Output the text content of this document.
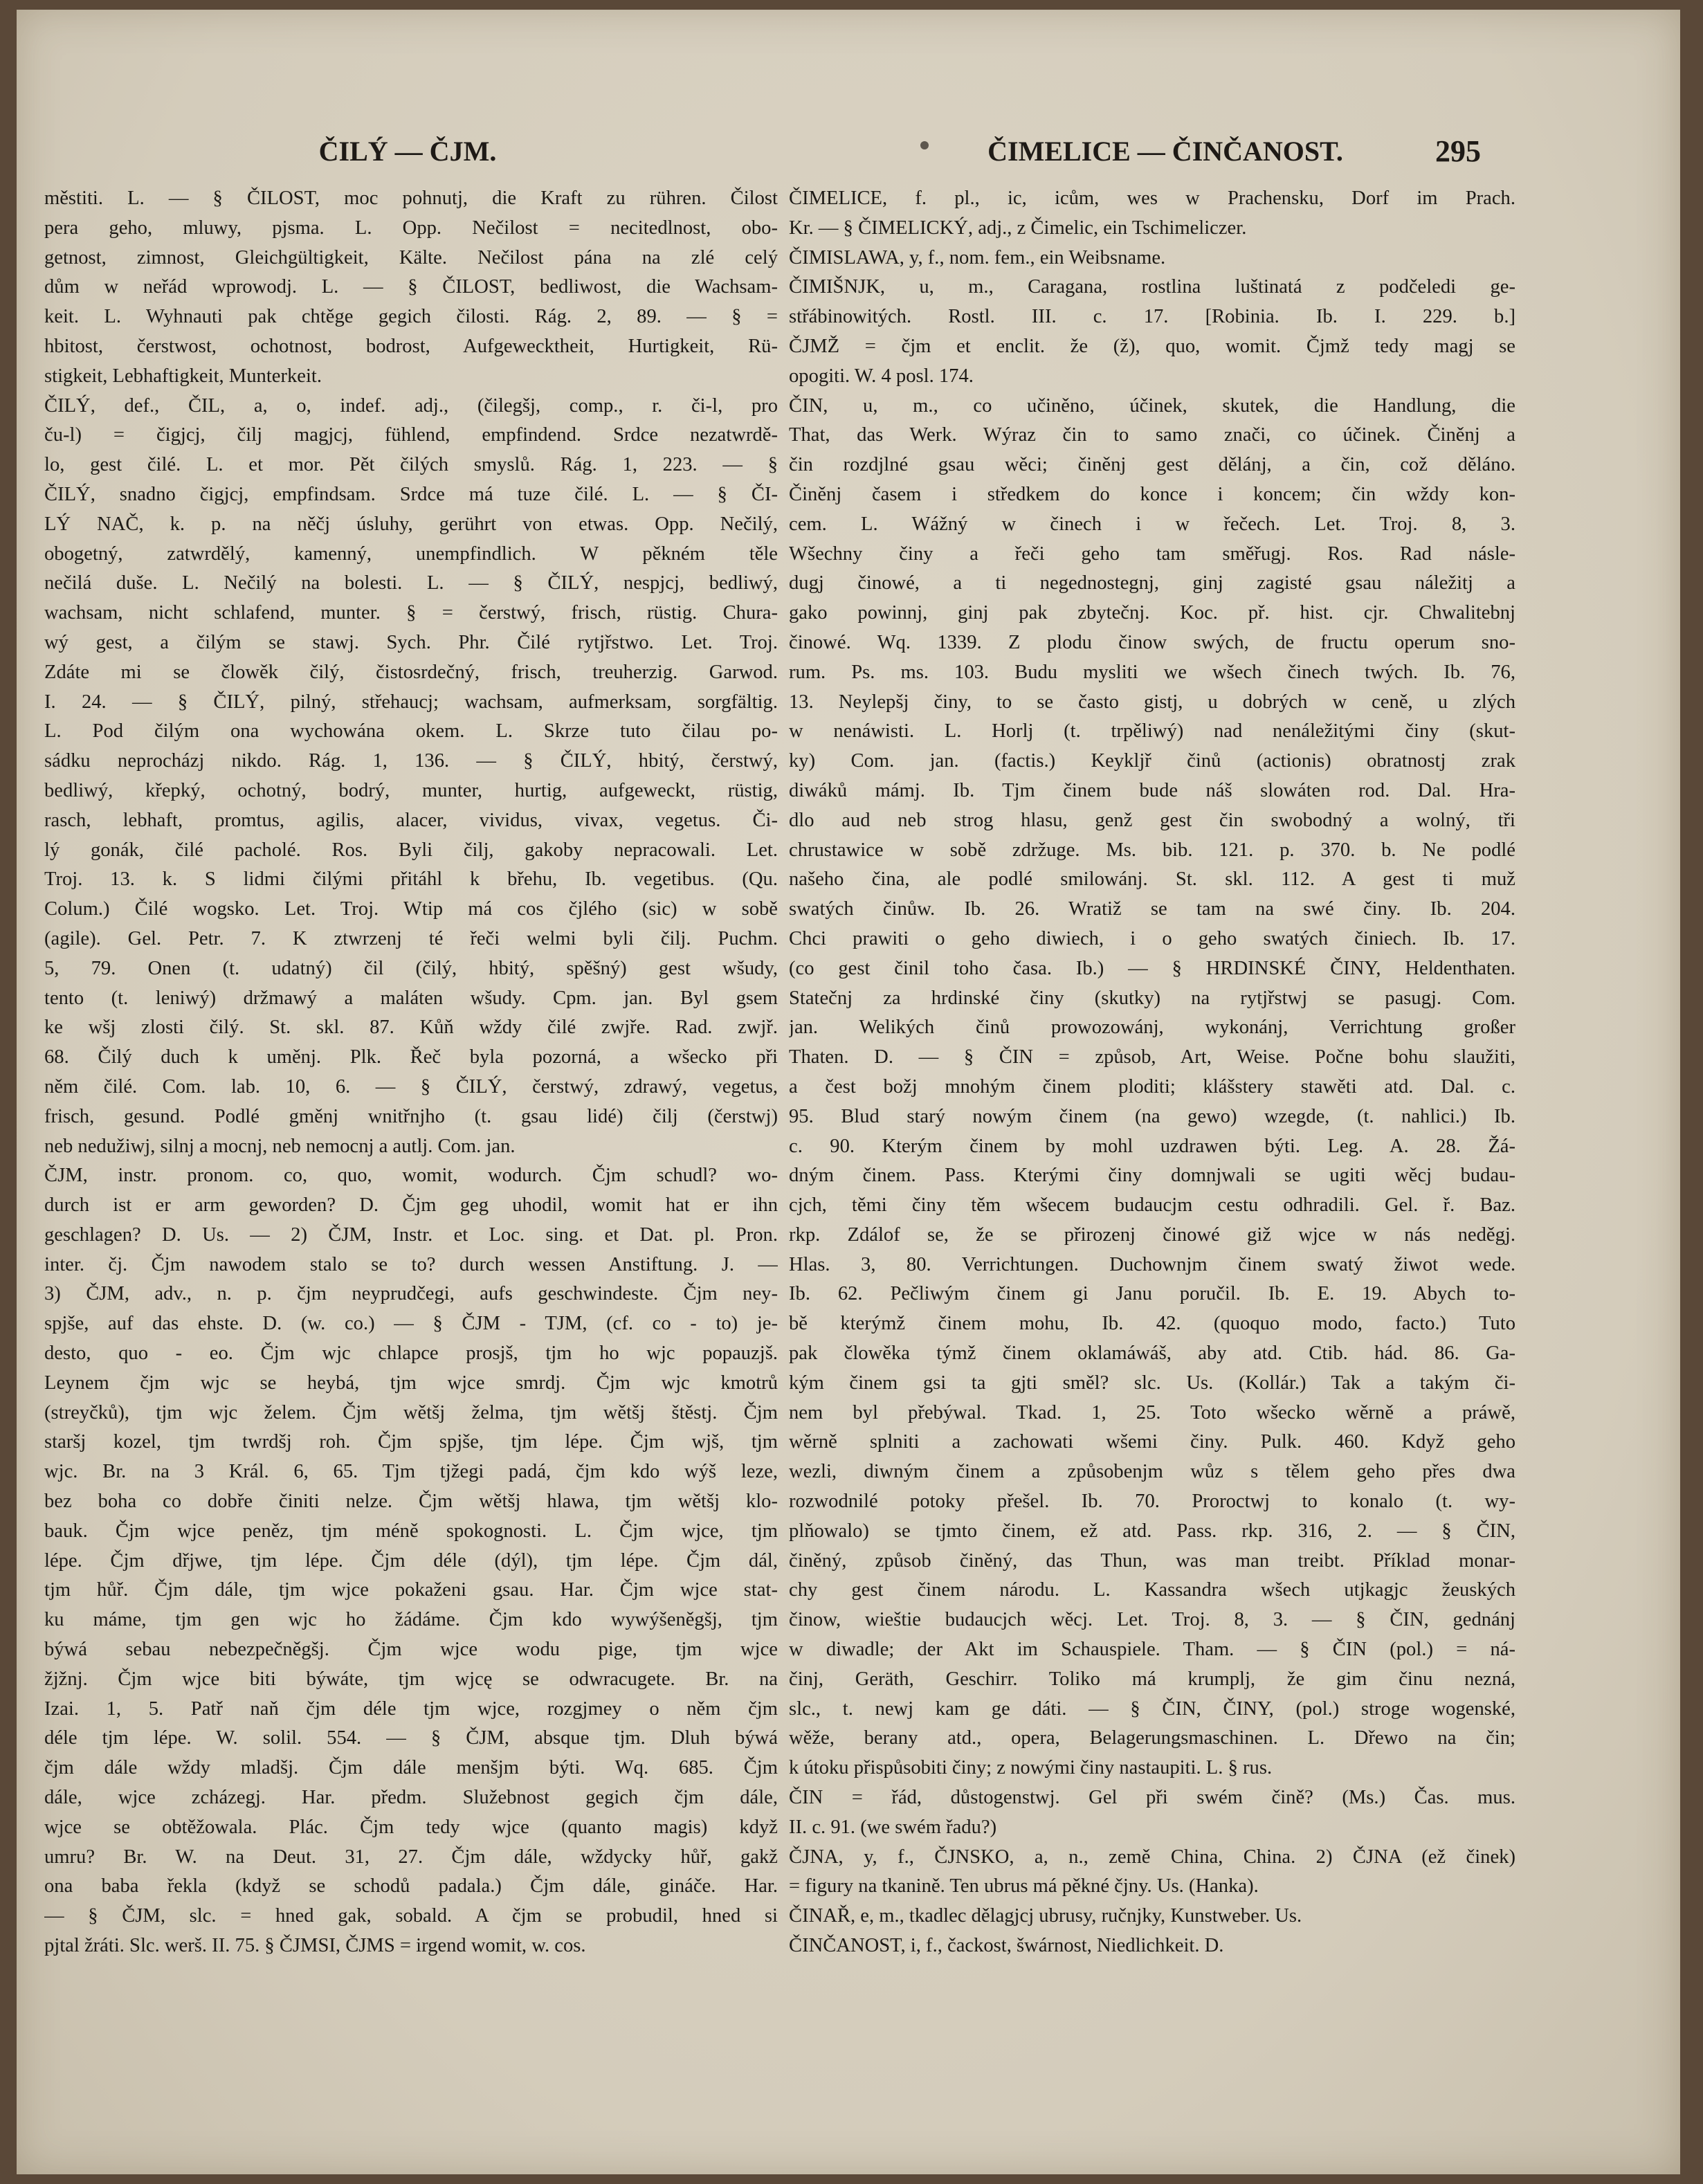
ČILÝ — ČJM.	ČIMELICE — ČINČANOST.	295
městiti. L. — § ČILOST, moc pohnutj, die Kraft zu rühren. Čilost
pera geho, mluwy, pjsma. L. Opp. Nečilost = necitedlnost, obo-
getnost, zimnost, Gleichgültigkeit, Kälte. Nečilost pána na zlé celý
dům w neřád wprowodj. L. — § ČILOST, bedliwost, die Wachsam-
keit. L. Wyhnauti pak chtěge gegich čilosti. Rág. 2, 89. — § =
hbitost, čerstwost, ochotnost, bodrost, Aufgewecktheit, Hurtigkeit, Rü-
stigkeit, Lebhaftigkeit, Munterkeit.
ČILÝ, def., ČIL, a, o, indef. adj., (čilegšj, comp., r. či-l, pro
ču-l) = čigjcj, čilj magjcj, fühlend, empfindend. Srdce nezatwrdě-
lo, gest čilé. L. et mor. Pět čilých smyslů. Rág. 1, 223. — §
ČILÝ, snadno čigjcj, empfindsam. Srdce má tuze čilé. L. — § ČI-
LÝ NAČ, k. p. na něčj úsluhy, gerührt von etwas. Opp. Nečilý,
obogetný, zatwrdělý, kamenný, unempfindlich. W pěkném těle
nečilá duše. L. Nečilý na bolesti. L. — § ČILÝ, nespjcj, bedliwý,
wachsam, nicht schlafend, munter. § = čerstwý, frisch, rüstig. Chura-
wý gest, a čilým se stawj. Sych. Phr. Čilé rytjřstwo. Let. Troj.
Zdáte mi se člowěk čilý, čistosrdečný, frisch, treuherzig. Garwod.
I. 24. — § ČILÝ, pilný, střehaucj; wachsam, aufmerksam, sorgfältig.
L. Pod čilým ona wychowána okem. L. Skrze tuto čilau po-
sádku neprocházj nikdo. Rág. 1, 136. — § ČILÝ, hbitý, čerstwý,
bedliwý, křepký, ochotný, bodrý, munter, hurtig, aufgeweckt, rüstig,
rasch, lebhaft, promtus, agilis, alacer, vividus, vivax, vegetus. Či-
lý gonák, čilé pacholé. Ros. Byli čilj, gakoby nepracowali. Let.
Troj. 13. k. S lidmi čilými přitáhl k břehu, Ib. vegetibus. (Qu.
Colum.) Čilé wogsko. Let. Troj. Wtip má cos čjlého (sic) w sobě
(agile). Gel. Petr. 7. K ztwrzenj té řeči welmi byli čilj. Puchm.
5, 79. Onen (t. udatný) čil (čilý, hbitý, spěšný) gest wšudy,
tento (t. leniwý) držmawý a maláten wšudy. Cpm. jan. Byl gsem
ke wšj zlosti čilý. St. skl. 87. Kůň wždy čilé zwjře. Rad. zwjř.
68. Čilý duch k uměnj. Plk. Řeč byla pozorná, a wšecko při
něm čilé. Com. lab. 10, 6. — § ČILÝ, čerstwý, zdrawý, vegetus,
frisch, gesund. Podlé gměnj wnitřnjho (t. gsau lidé) čilj (čerstwj)
neb nedužiwj, silnj a mocnj, neb nemocnj a autlj. Com. jan.
ČJM, instr. pronom. co, quo, womit, wodurch. Čjm schudl? wo-
durch ist er arm geworden? D. Čjm geg uhodil, womit hat er ihn
geschlagen? D. Us. — 2) ČJM, Instr. et Loc. sing. et Dat. pl. Pron.
inter. čj. Čjm nawodem stalo se to? durch wessen Anstiftung. J. —
3) ČJM, adv., n. p. čjm neyprudčegi, aufs geschwindeste. Čjm ney-
spjše, auf das ehste. D. (w. co.) — § ČJM - TJM, (cf. co - to) je-
desto, quo - eo. Čjm wjc chlapce prosjš, tjm ho wjc popauzjš.
Leynem čjm wjc se heybá, tjm wjce smrdj. Čjm wjc kmotrů
(streyčků), tjm wjc želem. Čjm wětšj želma, tjm wětšj štěstj. Čjm
staršj kozel, tjm twrdšj roh. Čjm spjše, tjm lépe. Čjm wjš, tjm
wjc. Br. na 3 Král. 6, 65. Tjm tjžegi padá, čjm kdo wýš leze,
bez boha co dobře činiti nelze. Čjm wětšj hlawa, tjm wětšj klo-
bauk. Čjm wjce peněz, tjm méně spokognosti. L. Čjm wjce, tjm
lépe. Čjm dřjwe, tjm lépe. Čjm déle (dýl), tjm lépe. Čjm dál,
tjm hůř. Čjm dále, tjm wjce pokaženi gsau. Har. Čjm wjce stat-
ku máme, tjm gen wjc ho žádáme. Čjm kdo wywýšeněgšj, tjm
býwá sebau nebezpečněgšj. Čjm wjce wodu pige, tjm wjce
žjžnj. Čjm wjce biti býwáte, tjm wjcę se odwracugete. Br. na
Izai. 1, 5. Patř naň čjm déle tjm wjce, rozgjmey o něm čjm
déle tjm lépe. W. solil. 554. — § ČJM, absque tjm. Dluh býwá
čjm dále wždy mladšj. Čjm dále menšjm býti. Wq. 685. Čjm
dále, wjce zcházegj. Har. předm. Služebnost gegich čjm dále,
wjce se obtěžowala. Plác. Čjm tedy wjce (quanto magis) když
umru? Br. W. na Deut. 31, 27. Čjm dále, wždycky hůř, gakž
ona baba řekla (když se schodů padala.) Čjm dále, gináče. Har.
— § ČJM, slc. = hned gak, sobald. A čjm se probudil, hned si
pjtal žráti. Slc. werš. II. 75. § ČJMSI, ČJMS = irgend womit, w. cos.
ČIMELICE, f. pl., ic, icům, wes w Prachensku, Dorf im Prach.
Kr. — § ČIMELICKÝ, adj., z Čimelic, ein Tschimeliczer.
ČIMISLAWA, y, f., nom. fem., ein Weibsname.
ČIMIŠNJK, u, m., Caragana, rostlina luštinatá z podčeledi ge-
střábinowitých. Rostl. III. c. 17. [Robinia. Ib. I. 229. b.]
ČJMŽ = čjm et enclit. že (ž), quo, womit. Čjmž tedy magj se
opogiti. W. 4 posl. 174.
ČIN, u, m., co učiněno, účinek, skutek, die Handlung, die
That, das Werk. Wýraz čin to samo znači, co účinek. Činěnj a
čin rozdjlné gsau wěci; činěnj gest dělánj, a čin, což děláno.
Činěnj časem i středkem do konce i koncem; čin wždy kon-
cem. L. Wážný w činech i w řečech. Let. Troj. 8, 3.
Wšechny činy a řeči geho tam směřugj. Ros. Rad násle-
dugj činowé, a ti negednostegnj, ginj zagisté gsau náležitj a
gako powinnj, ginj pak zbytečnj. Koc. př. hist. cjr. Chwalitebnj
činowé. Wq. 1339. Z plodu činow swých, de fructu operum sno-
rum. Ps. ms. 103. Budu mysliti we wšech činech twých. Ib. 76,
13. Neylepšj činy, to se často gistj, u dobrých w ceně, u zlých
w nenáwisti. L. Horlj (t. trpěliwý) nad nenáležitými činy (skut-
ky) Com. jan. (factis.) Keykljř činů (actionis) obratnostj zrak
diwáků mámj. Ib. Tjm činem bude náš slowáten rod. Dal. Hra-
dlo aud neb strog hlasu, genž gest čin swobodný a wolný, tři
chrustawice w sobě zdržuge. Ms. bib. 121. p. 370. b. Ne podlé
našeho čina, ale podlé smilowánj. St. skl. 112. A gest ti muž
swatých činůw. Ib. 26. Wratiž se tam na swé činy. Ib. 204.
Chci prawiti o geho diwiech, i o geho swatých činiech. Ib. 17.
(co gest činil toho časa. Ib.) — § HRDINSKÉ ČINY, Heldenthaten.
Statečnj za hrdinské činy (skutky) na rytjřstwj se pasugj. Com.
jan. Welikých činů prowozowánj, wykonánj, Verrichtung großer
Thaten. D. — § ČIN = způsob, Art, Weise. Počne bohu slaužiti,
a čest božj mnohým činem ploditi; klášstery stawěti atd. Dal. c.
95. Blud starý nowým činem (na gewo) wzegde, (t. nahlici.) Ib.
c. 90. Kterým činem by mohl uzdrawen býti. Leg. A. 28. Žá-
dným činem. Pass. Kterými činy domnjwali se ugiti wěcj budau-
cjch, těmi činy těm wšecem budaucjm cestu odhradili. Gel. ř. Baz.
rkp. Zdálof se, že se přirozenj činowé giž wjce w nás neděgj.
Hlas. 3, 80. Verrichtungen. Duchownjm činem swatý žiwot wede.
Ib. 62. Pečliwým činem gi Janu poručil. Ib. E. 19. Abych to-
bě kterýmž činem mohu, Ib. 42. (quoquo modo, facto.) Tuto
pak člowěka týmž činem oklamáwáš, aby atd. Ctib. hád. 86. Ga-
kým činem gsi ta gjti směl? slc. Us. (Kollár.) Tak a takým či-
nem byl přebýwal. Tkad. 1, 25. Toto wšecko wěrně a práwě,
wěrně splniti a zachowati wšemi činy. Pulk. 460. Když geho
wezli, diwným činem a způsobenjm wůz s tělem geho přes dwa
rozwodnilé potoky přešel. Ib. 70. Proroctwj to konalo (t. wy-
plňowalo) se tjmto činem, ež atd. Pass. rkp. 316, 2. — § ČIN,
činěný, způsob činěný, das Thun, was man treibt. Příklad monar-
chy gest činem národu. L. Kassandra wšech utjkagjc žeuských
činow, wieštie budaucjch wěcj. Let. Troj. 8, 3. — § ČIN, gednánj
w diwadle; der Akt im Schauspiele. Tham. — § ČIN (pol.) = ná-
činj, Geräth, Geschirr. Toliko má krumplj, že gim činu nezná,
slc., t. newj kam ge dáti. — § ČIN, ČINY, (pol.) stroge wogenské,
wěže, berany atd., opera, Belagerungsmaschinen. L. Dřewo na čin;
k útoku přispůsobiti činy; z nowými činy nastaupiti. L. § rus.
ČIN = řád, důstogenstwj. Gel při swém čině? (Ms.) Čas. mus.
II. c. 91. (we swém řadu?)
ČJNA, y, f., ČJNSKO, a, n., země China, China. 2) ČJNA (ež činek)
= figury na tkanině. Ten ubrus má pěkné čjny. Us. (Hanka).
ČINAŘ, e, m., tkadlec dělagjcj ubrusy, ručnjky, Kunstweber. Us.
ČINČANOST, i, f., čackost, šwárnost, Niedlichkeit. D.
